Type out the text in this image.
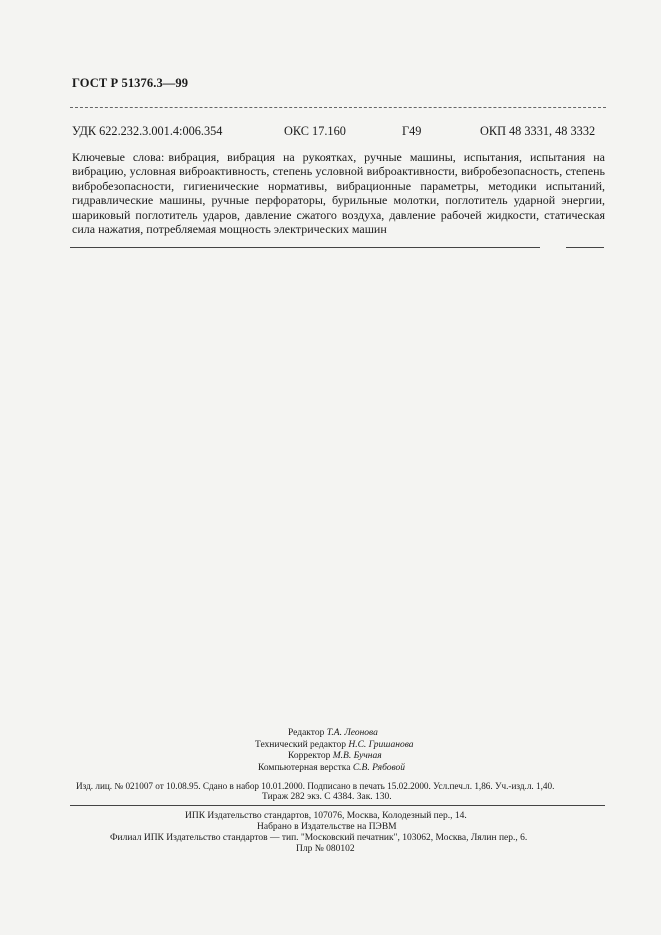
ГОСТ Р 51376.3—99
УДК 622.232.3.001.4:006.354	ОКС 17.160	Г49	ОКП 48 3331, 48 3332
Ключевые слова: вибрация, вибрация на рукоятках, ручные машины, испытания, испытания на вибрацию, условная виброактивность, степень условной виброактивности, вибробезопасность, степень вибробезопасности, гигиенические нормативы, вибрационные параметры, методики испытаний, гидравлические машины, ручные перфораторы, бурильные молотки, поглотитель ударной энергии, шариковый поглотитель ударов, давление сжатого воздуха, давление рабочей жидкости, статическая сила нажатия, потребляемая мощность электрических машин
Редактор Т.А. Леонова
Технический редактор Н.С. Гришанова
Корректор М.В. Бучная
Компьютерная верстка С.В. Рябовой
Изд. лиц. № 021007 от 10.08.95. Сдано в набор 10.01.2000. Подписано в печать 15.02.2000. Усл.печ.л. 1,86. Уч.-изд.л. 1,40.
Тираж 282 экз. С 4384. Зак. 130.
ИПК Издательство стандартов, 107076, Москва, Колодезный пер., 14.
Набрано в Издательстве на ПЭВМ
Филиал ИПК Издательство стандартов — тип. "Московский печатник", 103062, Москва, Лялин пер., 6.
Плр № 080102
